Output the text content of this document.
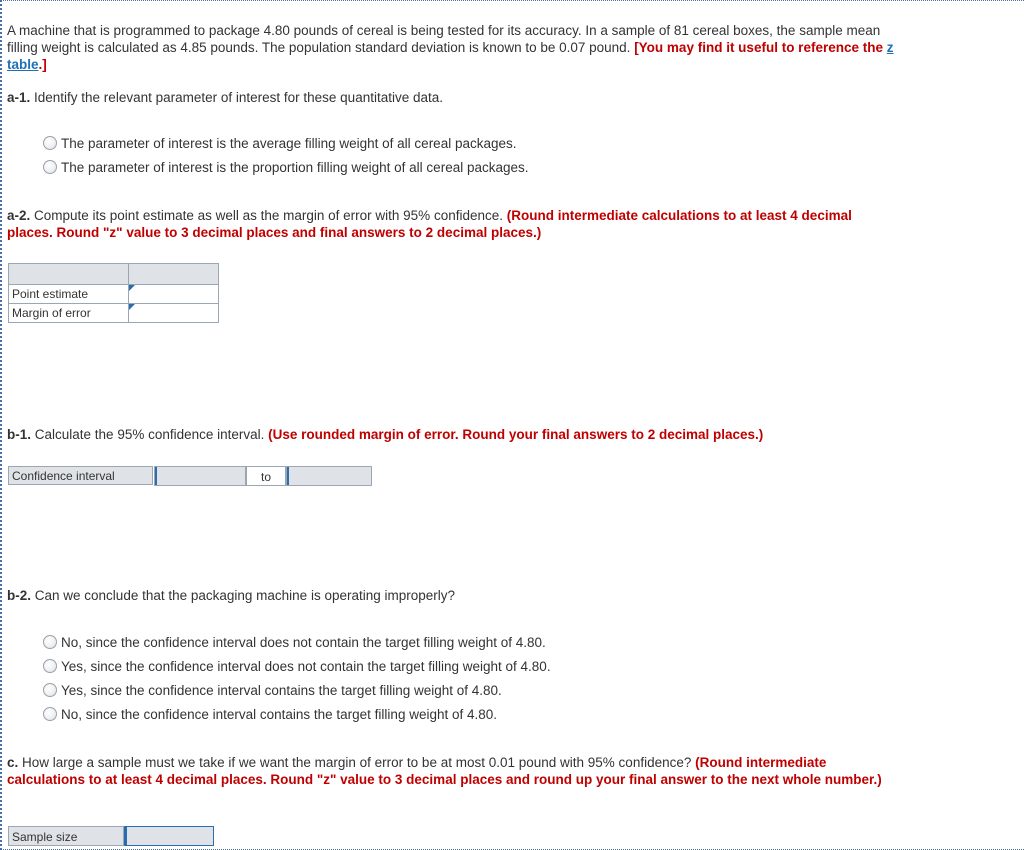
A machine that is programmed to package 4.80 pounds of cereal is being tested for its accuracy. In a sample of 81 cereal boxes, the sample mean filling weight is calculated as 4.85 pounds. The population standard deviation is known to be 0.07 pound. [You may find it useful to reference the z table.]
a-1. Identify the relevant parameter of interest for these quantitative data.
The parameter of interest is the average filling weight of all cereal packages.
The parameter of interest is the proportion filling weight of all cereal packages.
a-2. Compute its point estimate as well as the margin of error with 95% confidence. (Round intermediate calculations to at least 4 decimal places. Round "z" value to 3 decimal places and final answers to 2 decimal places.)

Point estimate	

Margin of error	
b-1. Calculate the 95% confidence interval. (Use rounded margin of error. Round your final answers to 2 decimal places.)
Confidence interval	to
b-2. Can we conclude that the packaging machine is operating improperly?
No, since the confidence interval does not contain the target filling weight of 4.80.
Yes, since the confidence interval does not contain the target filling weight of 4.80.
Yes, since the confidence interval contains the target filling weight of 4.80.
No, since the confidence interval contains the target filling weight of 4.80.
c. How large a sample must we take if we want the margin of error to be at most 0.01 pound with 95% confidence? (Round intermediate calculations to at least 4 decimal places. Round "z" value to 3 decimal places and round up your final answer to the next whole number.)
Sample size
